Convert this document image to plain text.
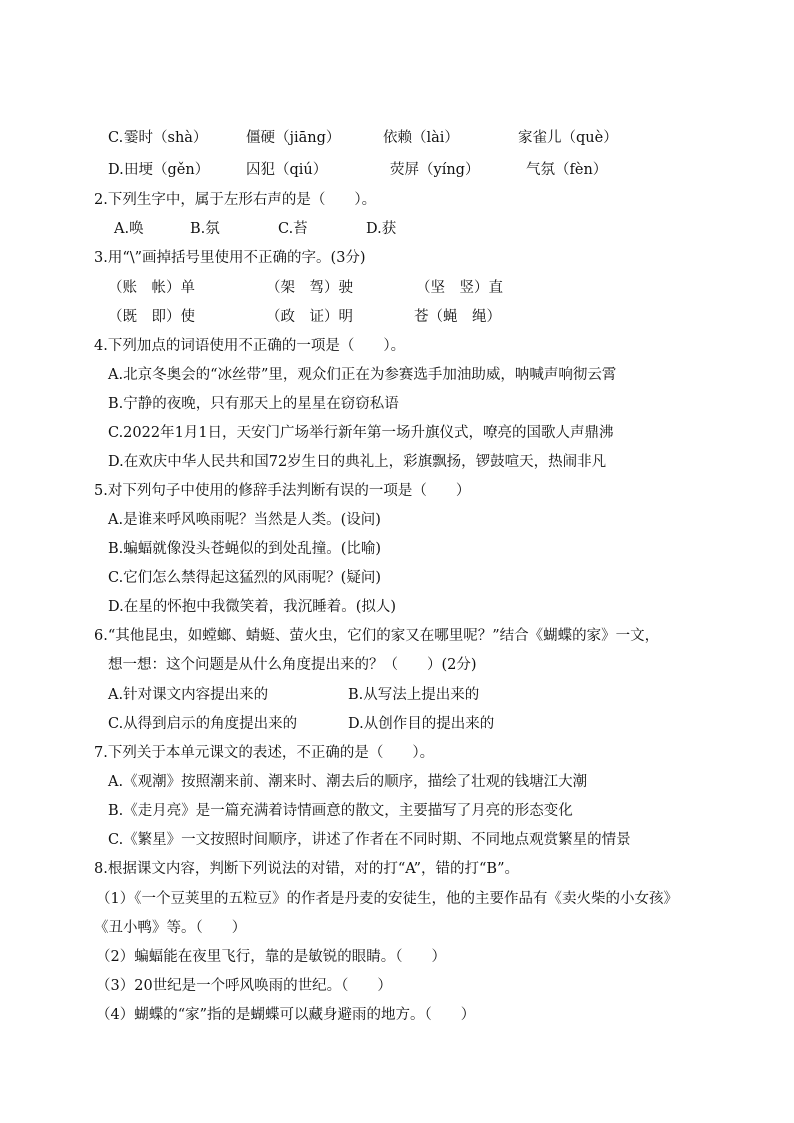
C. 霎时（shà）	僵硬（jiāng）	依赖（lài）	家雀儿（què）
D. 田埂（gěn）	囚犯（qiú）	荧屏（yíng）	气氛（fèn）
2.下列生字中，属于左形右声的是（　　）。
A.唤	B.氛	C.苔	D.获
3.用“\”画掉括号里使用不正确的字。(3分)
（账　帐）单	（架　驾）驶	（坚　竖）直
（既　即）使	（政　证）明	苍（蝇　绳）
4.下列加点的词语使用不正确的一项是（　　）。
A.北京冬奥会的“冰丝带”里，观众们正在为参赛选手加油助威，呐喊声响彻云霄
B.宁静的夜晚，只有那天上的星星在窃窃私语
C.2022年1月1日，天安门广场举行新年第一场升旗仪式，嘹亮的国歌人声鼎沸
D.在欢庆中华人民共和国72岁生日的典礼上，彩旗飘扬，锣鼓喧天，热闹非凡
5.对下列句子中使用的修辞手法判断有误的一项是（　　）
A.是谁来呼风唤雨呢？当然是人类。(设问)
B.蝙蝠就像没头苍蝇似的到处乱撞。(比喻)
C.它们怎么禁得起这猛烈的风雨呢？(疑问)
D.在星的怀抱中我微笑着，我沉睡着。(拟人)
6.“其他昆虫，如螳螂、蜻蜓、萤火虫，它们的家又在哪里呢？”结合《蝴蝶的家》一文，
想一想：这个问题是从什么角度提出来的？（　　）(2分)
A.针对课文内容提出来的	B.从写法上提出来的
C.从得到启示的角度提出来的	D.从创作目的提出来的
7.下列关于本单元课文的表述，不正确的是（　　）。
A.《观潮》按照潮来前、潮来时、潮去后的顺序，描绘了壮观的钱塘江大潮
B.《走月亮》是一篇充满着诗情画意的散文，主要描写了月亮的形态变化
C.《繁星》一文按照时间顺序，讲述了作者在不同时期、不同地点观赏繁星的情景
8.根据课文内容，判断下列说法的对错，对的打“A”，错的打“B”。
（1）《一个豆荚里的五粒豆》的作者是丹麦的安徒生，他的主要作品有《卖火柴的小女孩》
《丑小鸭》等。（　　）
（2）蝙蝠能在夜里飞行，靠的是敏锐的眼睛。（　　）
（3）20世纪是一个呼风唤雨的世纪。（　　）
（4）蝴蝶的“家”指的是蝴蝶可以藏身避雨的地方。（　　）
